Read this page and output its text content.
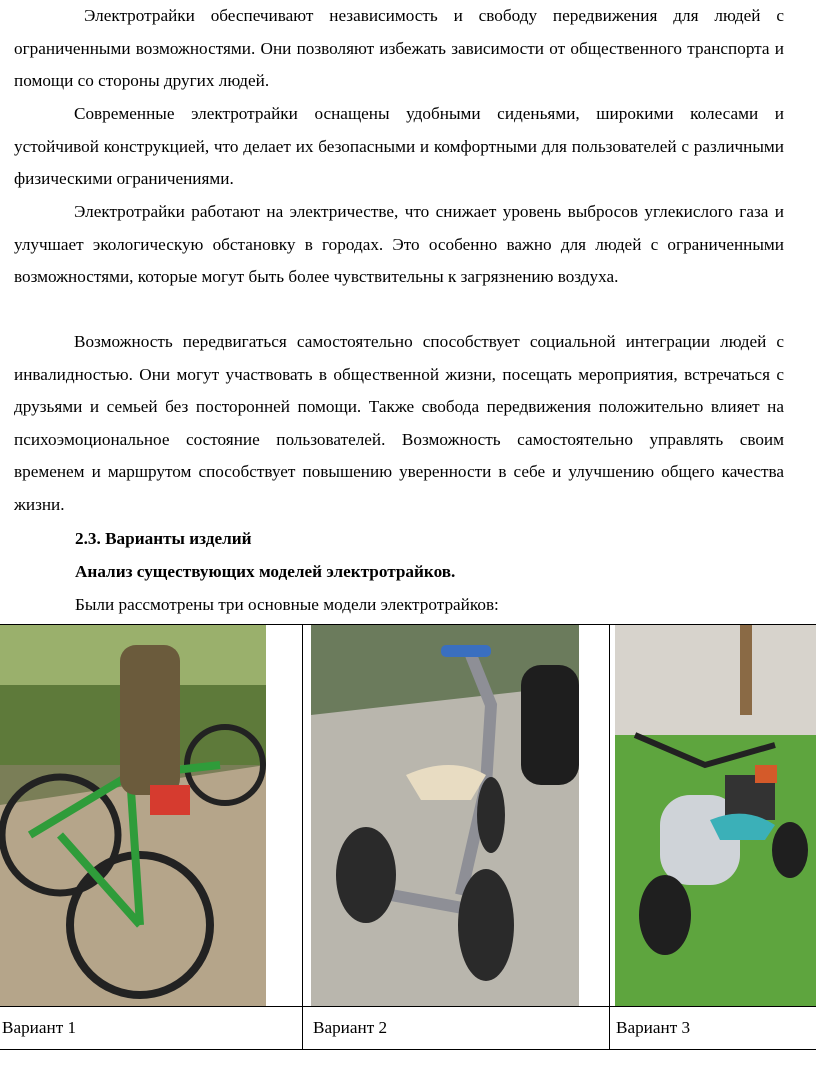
Электротрайки обеспечивают независимость и свободу передвижения для людей с ограниченными возможностями. Они позволяют избежать зависимости от общественного транспорта и помощи со стороны других людей.
Современные электротрайки оснащены удобными сиденьями, широкими колесами и устойчивой конструкцией, что делает их безопасными и комфортными для пользователей с различными физическими ограничениями.
Электротрайки работают на электричестве, что снижает уровень выбросов углекислого газа и улучшает экологическую обстановку в городах. Это особенно важно для людей с ограниченными возможностями, которые могут быть более чувствительны к загрязнению воздуха.
Возможность передвигаться самостоятельно способствует социальной интеграции людей с инвалидностью. Они могут участвовать в общественной жизни, посещать мероприятия, встречаться с друзьями и семьей без посторонней помощи. Также свобода передвижения положительно влияет на психоэмоциональное состояние пользователей. Возможность самостоятельно управлять своим временем и маршрутом способствует повышению уверенности в себе и улучшению общего качества жизни.
2.3. Варианты изделий
Анализ существующих моделей электротрайков.
Были рассмотрены три основные модели электротрайков:

Вариант 1	Вариант 2	Вариант 3
